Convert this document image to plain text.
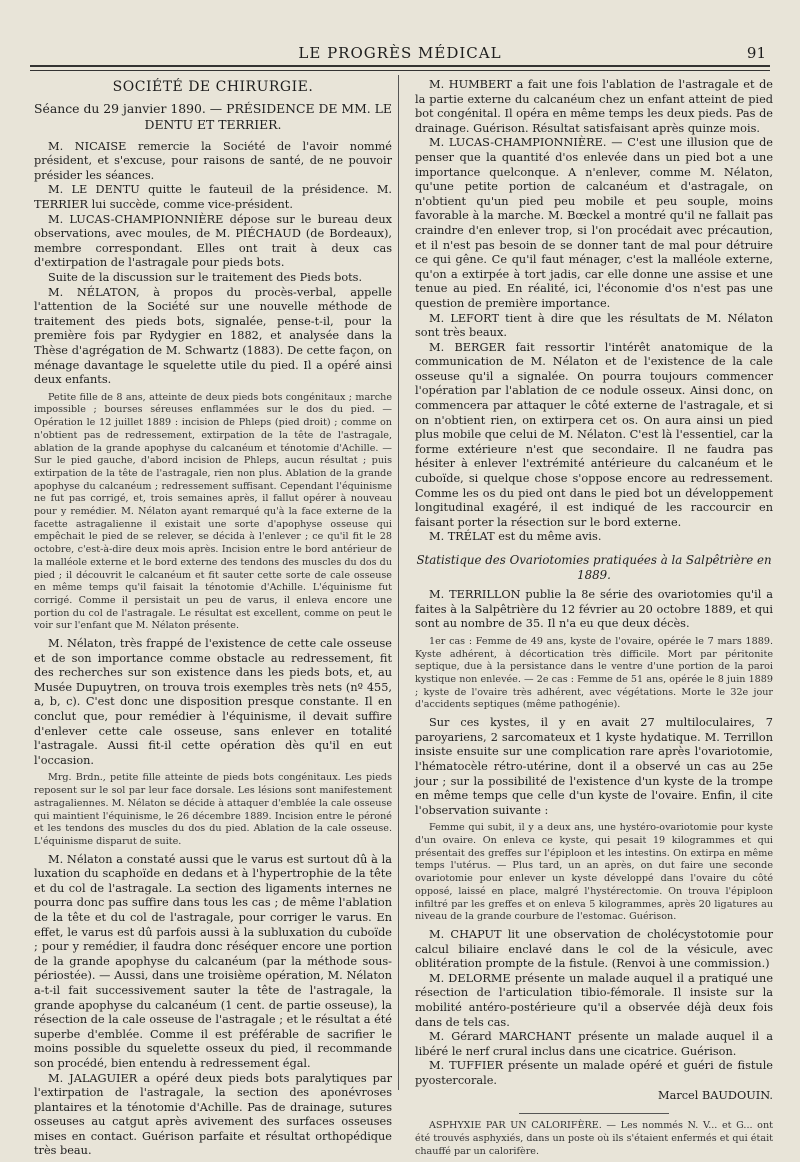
LE PROGRÈS MÉDICAL	91

SOCIÉTÉ DE CHIRURGIE.

Séance du 29 janvier 1890. — PRÉSIDENCE DE MM. LE DENTU ET TERRIER.

M. NICAISE remercie la Société de l'avoir nommé président, et s'excuse, pour raisons de santé, de ne pouvoir présider les séances.

M. LE DENTU quitte le fauteuil de la présidence. M. TERRIER lui succède, comme vice-président.

M. LUCAS-CHAMPIONNIÈRE dépose sur le bureau deux observations, avec moules, de M. PIÉCHAUD (de Bordeaux), membre correspondant. Elles ont trait à deux cas d'extirpation de l'astragale pour pieds bots.

Suite de la discussion sur le traitement des Pieds bots.

M. NÉLATON, à propos du procès-verbal, appelle l'attention de la Société sur une nouvelle méthode de traitement des pieds bots, signalée, pense-t-il, pour la première fois par Rydygier en 1882, et analysée dans la Thèse d'agrégation de M. Schwartz (1883). De cette façon, on ménage davantage le squelette utile du pied. Il a opéré ainsi deux enfants.

Petite fille de 8 ans, atteinte de deux pieds bots congénitaux ; marche impossible ; bourses séreuses enflammées sur le dos du pied. — Opération le 12 juillet 1889 : incision de Phleps (pied droit) ; comme on n'obtient pas de redressement, extirpation de la tête de l'astragale, ablation de la grande apophyse du calcanéum et ténotomie d'Achille. — Sur le pied gauche, d'abord incision de Phleps, aucun résultat ; puis extirpation de la tête de l'astragale, rien non plus. Ablation de la grande apophyse du calcanéum ; redressement suffisant. Cependant l'équinisme ne fut pas corrigé, et, trois semaines après, il fallut opérer à nouveau pour y remédier. M. Nélaton ayant remarqué qu'à la face externe de la facette astragalienne il existait une sorte d'apophyse osseuse qui empêchait le pied de se relever, se décida à l'enlever ; ce qu'il fit le 28 octobre, c'est-à-dire deux mois après. Incision entre le bord antérieur de la malléole externe et le bord externe des tendons des muscles du dos du pied ; il découvrit le calcanéum et fit sauter cette sorte de cale osseuse en même temps qu'il faisait la ténotomie d'Achille. L'équinisme fut corrigé. Comme il persistait un peu de varus, il enleva encore une portion du col de l'astragale. Le résultat est excellent, comme on peut le voir sur l'enfant que M. Nélaton présente.

M. Nélaton, très frappé de l'existence de cette cale osseuse et de son importance comme obstacle au redressement, fit des recherches sur son existence dans les pieds bots, et, au Musée Dupuytren, on trouva trois exemples très nets (nº 455, a, b, c). C'est donc une disposition presque constante. Il en conclut que, pour remédier à l'équinisme, il devait suffire d'enlever cette cale osseuse, sans enlever en totalité l'astragale. Aussi fit-il cette opération dès qu'il en eut l'occasion.

Mrg. Brdn., petite fille atteinte de pieds bots congénitaux. Les pieds reposent sur le sol par leur face dorsale. Les lésions sont manifestement astragaliennes. M. Nélaton se décide à attaquer d'emblée la cale osseuse qui maintient l'équinisme, le 26 décembre 1889. Incision entre le péroné et les tendons des muscles du dos du pied. Ablation de la cale osseuse. L'équinisme disparut de suite.

M. Nélaton a constaté aussi que le varus est surtout dû à la luxation du scaphoïde en dedans et à l'hypertrophie de la tête et du col de l'astragale. La section des ligaments internes ne pourra donc pas suffire dans tous les cas ; de même l'ablation de la tête et du col de l'astragale, pour corriger le varus. En effet, le varus est dû parfois aussi à la subluxation du cuboïde ; pour y remédier, il faudra donc réséquer encore une portion de la grande apophyse du calcanéum (par la méthode sous-périostée). — Aussi, dans une troisième opération, M. Nélaton a-t-il fait successivement sauter la tête de l'astragale, la grande apophyse du calcanéum (1 cent. de partie osseuse), la résection de la cale osseuse de l'astragale ; et le résultat a été superbe d'emblée. Comme il est préférable de sacrifier le moins possible du squelette osseux du pied, il recommande son procédé, bien entendu à redressement égal.

M. JALAGUIER a opéré deux pieds bots paralytiques par l'extirpation de l'astragale, la section des aponévroses plantaires et la ténotomie d'Achille. Pas de drainage, sutures osseuses au catgut après avivement des surfaces osseuses mises en contact. Guérison parfaite et résultat orthopédique très beau.

M. HUMBERT a fait une fois l'ablation de l'astragale et de la partie externe du calcanéum chez un enfant atteint de pied bot congénital. Il opéra en même temps les deux pieds. Pas de drainage. Guérison. Résultat satisfaisant après quinze mois.

M. LUCAS-CHAMPIONNIÈRE. — C'est une illusion que de penser que la quantité d'os enlevée dans un pied bot a une importance quelconque. A n'enlever, comme M. Nélaton, qu'une petite portion de calcanéum et d'astragale, on n'obtient qu'un pied peu mobile et peu souple, moins favorable à la marche. M. Bœckel a montré qu'il ne fallait pas craindre d'en enlever trop, si l'on procédait avec précaution, et il n'est pas besoin de se donner tant de mal pour détruire ce qui gêne. Ce qu'il faut ménager, c'est la malléole externe, qu'on a extirpée à tort jadis, car elle donne une assise et une tenue au pied. En réalité, ici, l'économie d'os n'est pas une question de première importance.

M. LEFORT tient à dire que les résultats de M. Nélaton sont très beaux.

M. BERGER fait ressortir l'intérêt anatomique de la communication de M. Nélaton et de l'existence de la cale osseuse qu'il a signalée. On pourra toujours commencer l'opération par l'ablation de ce nodule osseux. Ainsi donc, on commencera par attaquer le côté externe de l'astragale, et si on n'obtient rien, on extirpera cet os. On aura ainsi un pied plus mobile que celui de M. Nélaton. C'est là l'essentiel, car la forme extérieure n'est que secondaire. Il ne faudra pas hésiter à enlever l'extrémité antérieure du calcanéum et le cuboïde, si quelque chose s'oppose encore au redressement. Comme les os du pied ont dans le pied bot un développement longitudinal exagéré, il est indiqué de les raccourcir en faisant porter la résection sur le bord externe.

M. TRÉLAT est du même avis.

Statistique des Ovariotomies pratiquées à la Salpêtrière en 1889.

M. TERRILLON publie la 8e série des ovariotomies qu'il a faites à la Salpêtrière du 12 février au 20 octobre 1889, et qui sont au nombre de 35. Il n'a eu que deux décès.

1er cas : Femme de 49 ans, kyste de l'ovaire, opérée le 7 mars 1889. Kyste adhérent, à décortication très difficile. Mort par péritonite septique, due à la persistance dans le ventre d'une portion de la paroi kystique non enlevée. — 2e cas : Femme de 51 ans, opérée le 8 juin 1889 ; kyste de l'ovaire très adhérent, avec végétations. Morte le 32e jour d'accidents septiques (même pathogénie).

Sur ces kystes, il y en avait 27 multiloculaires, 7 paroyariens, 2 sarcomateux et 1 kyste hydatique. M. Terrillon insiste ensuite sur une complication rare après l'ovariotomie, l'hématocèle rétro-utérine, dont il a observé un cas au 25e jour ; sur la possibilité de l'existence d'un kyste de la trompe en même temps que celle d'un kyste de l'ovaire. Enfin, il cite l'observation suivante :

Femme qui subit, il y a deux ans, une hystéro-ovariotomie pour kyste d'un ovaire. On enleva ce kyste, qui pesait 19 kilogrammes et qui présentait des greffes sur l'épiploon et les intestins. On extirpa en même temps l'utérus. — Plus tard, un an après, on dut faire une seconde ovariotomie pour enlever un kyste développé dans l'ovaire du côté opposé, laissé en place, malgré l'hystérectomie. On trouva l'épiploon infiltré par les greffes et on enleva 5 kilogrammes, après 20 ligatures au niveau de la grande courbure de l'estomac. Guérison.

M. CHAPUT lit une observation de cholécystotomie pour calcul biliaire enclavé dans le col de la vésicule, avec oblitération prompte de la fistule. (Renvoi à une commission.)

M. DELORME présente un malade auquel il a pratiqué une résection de l'articulation tibio-fémorale. Il insiste sur la mobilité antéro-postérieure qu'il a observée déjà deux fois dans de tels cas.

M. Gérard MARCHANT présente un malade auquel il a libéré le nerf crural inclus dans une cicatrice. Guérison.

M. TUFFIER présente un malade opéré et guéri de fistule pyostercorale.

Marcel BAUDOUIN.

ASPHYXIE PAR UN CALORIFÈRE. — Les nommés N. V... et G... ont été trouvés asphyxiés, dans un poste où ils s'étaient enfermés et qui était chauffé par un calorifère.
